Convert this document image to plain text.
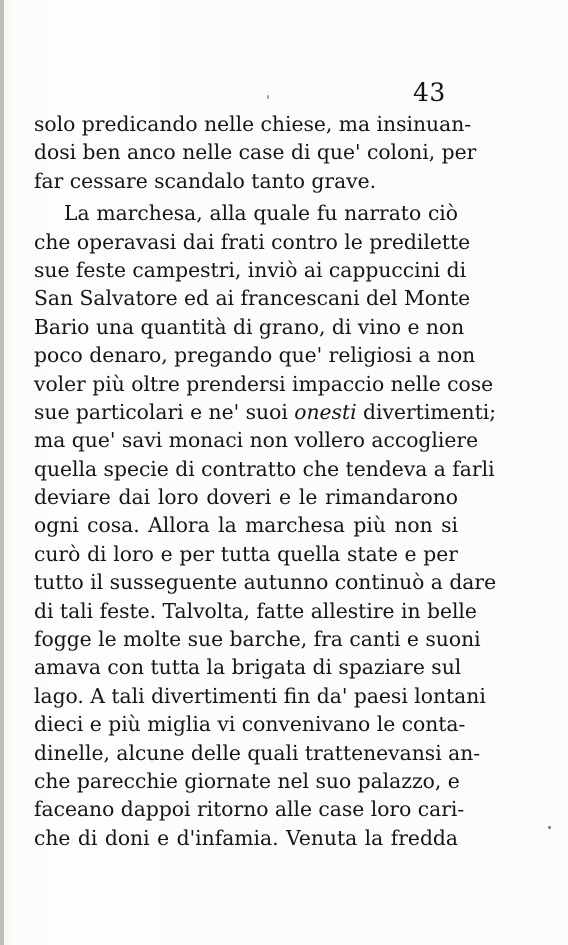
43
solo predicando nelle chiese, ma insinuan-
dosi ben anco nelle case di que' coloni, per
far cessare scandalo tanto grave.
La marchesa, alla quale fu narrato ciò
che operavasi dai frati contro le predilette
sue feste campestri, inviò ai cappuccini di
San Salvatore ed ai francescani del Monte
Bario una quantità di grano, di vino e non
poco denaro, pregando que' religiosi a non
voler più oltre prendersi impaccio nelle cose
sue particolari e ne' suoi onesti divertimenti;
ma que' savi monaci non vollero accogliere
quella specie di contratto che tendeva a farli
deviare dai loro doveri e le rimandarono
ogni cosa. Allora la marchesa più non si
curò di loro e per tutta quella state e per
tutto il susseguente autunno continuò a dare
di tali feste. Talvolta, fatte allestire in belle
fogge le molte sue barche, fra canti e suoni
amava con tutta la brigata di spaziare sul
lago. A tali divertimenti fin da' paesi lontani
dieci e più miglia vi convenivano le conta-
dinelle, alcune delle quali trattenevansi an-
che parecchie giornate nel suo palazzo, e
faceano dappoi ritorno alle case loro cari-
che di doni e d'infamia. Venuta la fredda
